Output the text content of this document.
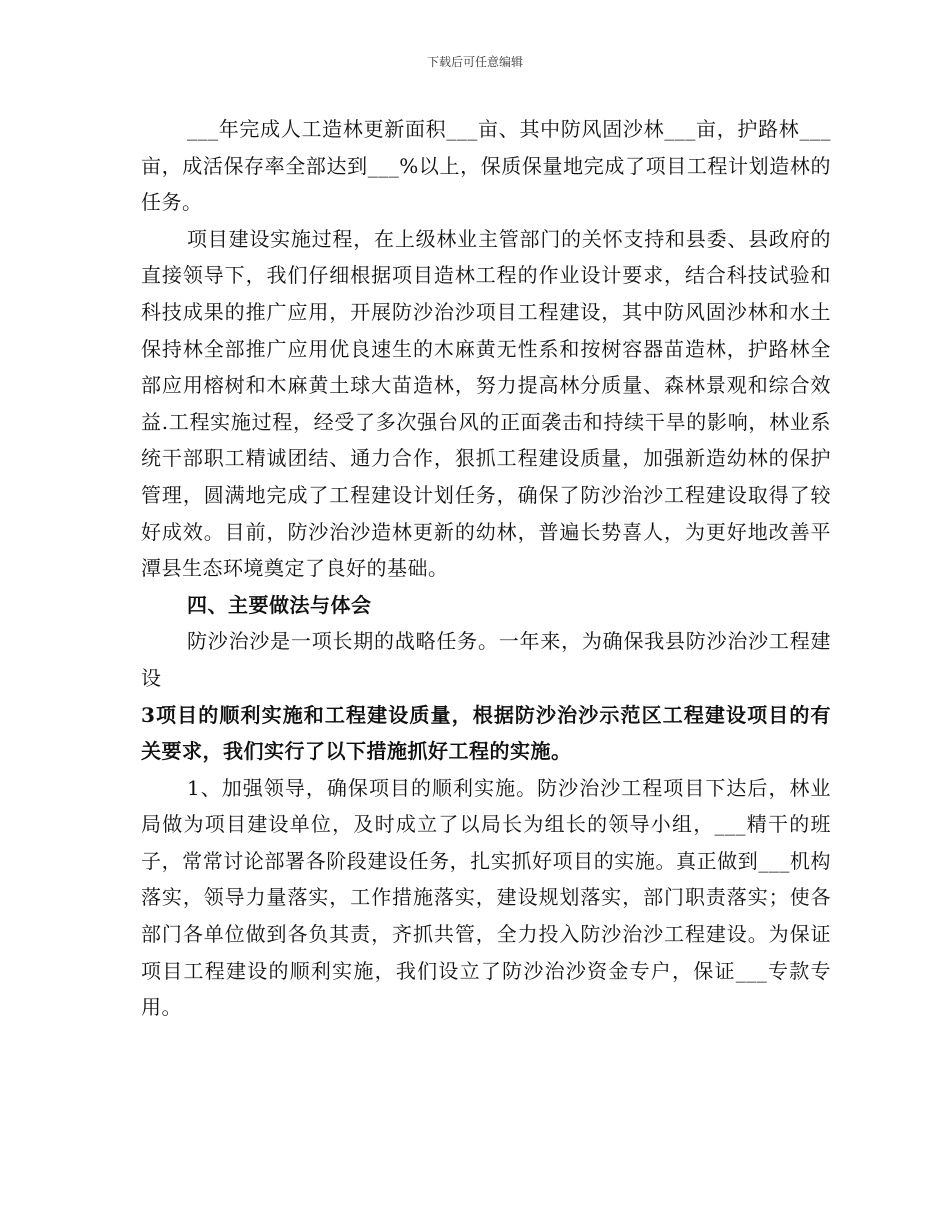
下载后可任意编辑

___年完成人工造林更新面积___亩、其中防风固沙林___亩，护路林___亩，成活保存率全部达到___%以上，保质保量地完成了项目工程计划造林的任务。

项目建设实施过程，在上级林业主管部门的关怀支持和县委、县政府的直接领导下，我们仔细根据项目造林工程的作业设计要求，结合科技试验和科技成果的推广应用，开展防沙治沙项目工程建设，其中防风固沙林和水土保持林全部推广应用优良速生的木麻黄无性系和按树容器苗造林，护路林全部应用榕树和木麻黄土球大苗造林，努力提高林分质量、森林景观和综合效益.工程实施过程，经受了多次强台风的正面袭击和持续干旱的影响，林业系统干部职工精诚团结、通力合作，狠抓工程建设质量，加强新造幼林的保护管理，圆满地完成了工程建设计划任务，确保了防沙治沙工程建设取得了较好成效。目前，防沙治沙造林更新的幼林，普遍长势喜人，为更好地改善平潭县生态环境奠定了良好的基础。

四、主要做法与体会

防沙治沙是一项长期的战略任务。一年来，为确保我县防沙治沙工程建设

3项目的顺利实施和工程建设质量，根据防沙治沙示范区工程建设项目的有关要求，我们实行了以下措施抓好工程的实施。

1、加强领导，确保项目的顺利实施。防沙治沙工程项目下达后，林业局做为项目建设单位，及时成立了以局长为组长的领导小组，___精干的班子，常常讨论部署各阶段建设任务，扎实抓好项目的实施。真正做到___机构落实，领导力量落实，工作措施落实，建设规划落实，部门职责落实；使各部门各单位做到各负其责，齐抓共管，全力投入防沙治沙工程建设。为保证项目工程建设的顺利实施，我们设立了防沙治沙资金专户，保证___专款专用。
